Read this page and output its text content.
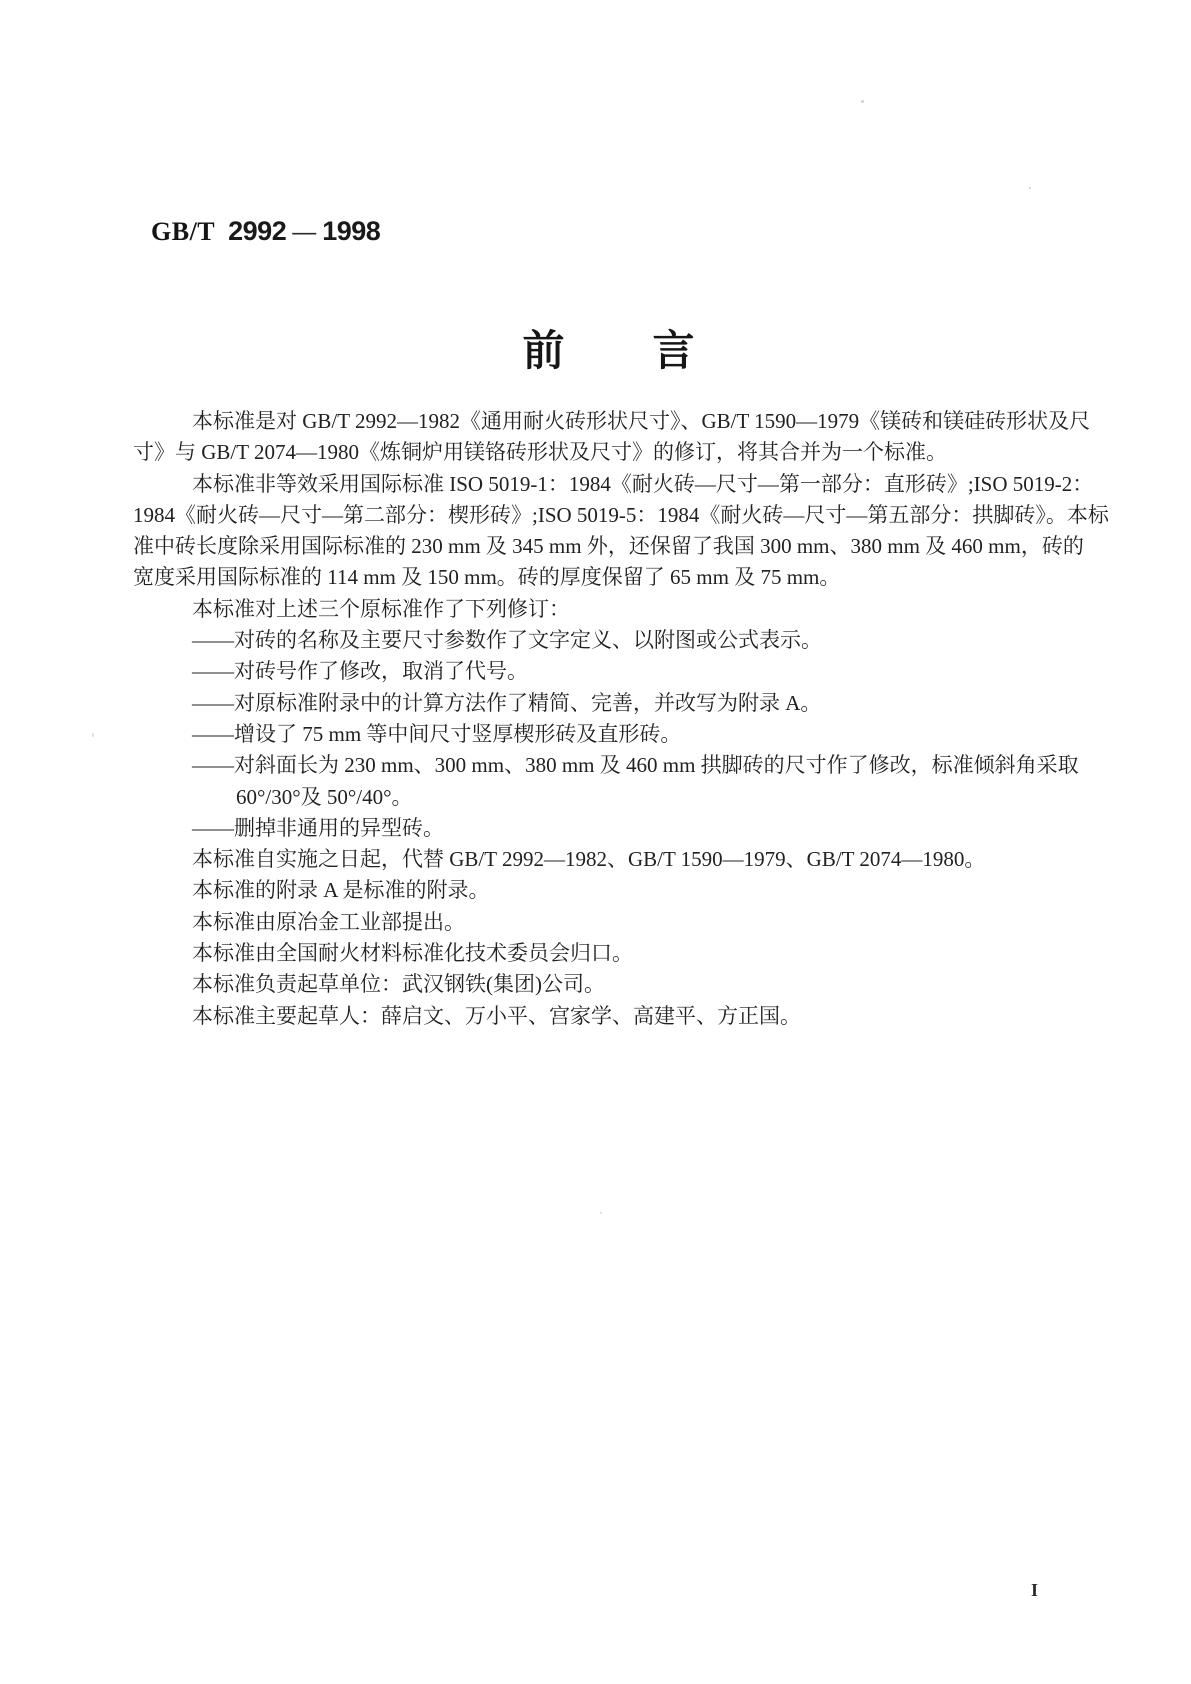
GB/T 2992 — 1998
前 言
本标准是对 GB/T 2992—1982《通用耐火砖形状尺寸》、GB/T 1590—1979《镁砖和镁硅砖形状及尺
寸》与 GB/T 2074—1980《炼铜炉用镁铬砖形状及尺寸》的修订，将其合并为一个标准。
本标准非等效采用国际标准 ISO 5019-1：1984《耐火砖—尺寸—第一部分：直形砖》;ISO 5019-2：
1984《耐火砖—尺寸—第二部分：楔形砖》;ISO 5019-5：1984《耐火砖—尺寸—第五部分：拱脚砖》。本标
准中砖长度除采用国际标准的 230 mm 及 345 mm 外，还保留了我国 300 mm、380 mm 及 460 mm，砖的
宽度采用国际标准的 114 mm 及 150 mm。砖的厚度保留了 65 mm 及 75 mm。
本标准对上述三个原标准作了下列修订：
——对砖的名称及主要尺寸参数作了文字定义、以附图或公式表示。
——对砖号作了修改，取消了代号。
——对原标准附录中的计算方法作了精简、完善，并改写为附录 A。
——增设了 75 mm 等中间尺寸竖厚楔形砖及直形砖。
——对斜面长为 230 mm、300 mm、380 mm 及 460 mm 拱脚砖的尺寸作了修改，标准倾斜角采取
60°/30°及 50°/40°。
——删掉非通用的异型砖。
本标准自实施之日起，代替 GB/T 2992—1982、GB/T 1590—1979、GB/T 2074—1980。
本标准的附录 A 是标准的附录。
本标准由原冶金工业部提出。
本标准由全国耐火材料标准化技术委员会归口。
本标准负责起草单位：武汉钢铁(集团)公司。
本标准主要起草人：薛启文、万小平、宫家学、高建平、方正国。
I
